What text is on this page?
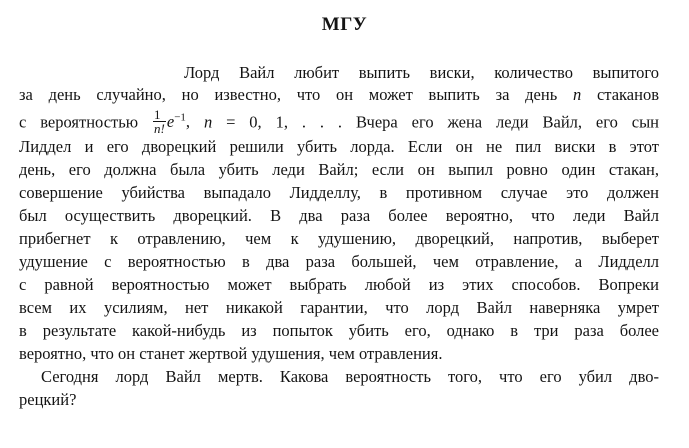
МГУ
Лорд Вайл любит выпить виски, количество выпитого
за день случайно, но известно, что он может выпить за день n стаканов
с вероятностью $\frac{1}{n!} e^{-1}$, n = 0, 1, . . . Вчера его жена леди Вайл, его сын
Лиддел и его дворецкий решили убить лорда. Если он не пил виски в этот
день, его должна была убить леди Вайл; если он выпил ровно один стакан,
совершение убийства выпадало Лидделлу, в противном случае это должен
был осуществить дворецкий. В два раза более вероятно, что леди Вайл
прибегнет к отравлению, чем к удушению, дворецкий, напротив, выберет
удушение с вероятностью в два раза большей, чем отравление, а Лидделл
с равной вероятностью может выбрать любой из этих способов. Вопреки
всем их усилиям, нет никакой гарантии, что лорд Вайл наверняка умрет
в результате какой-нибудь из попыток убить его, однако в три раза более
вероятно, что он станет жертвой удушения, чем отравления.
Сегодня лорд Вайл мертв. Какова вероятность того, что его убил дво-
рецкий?
